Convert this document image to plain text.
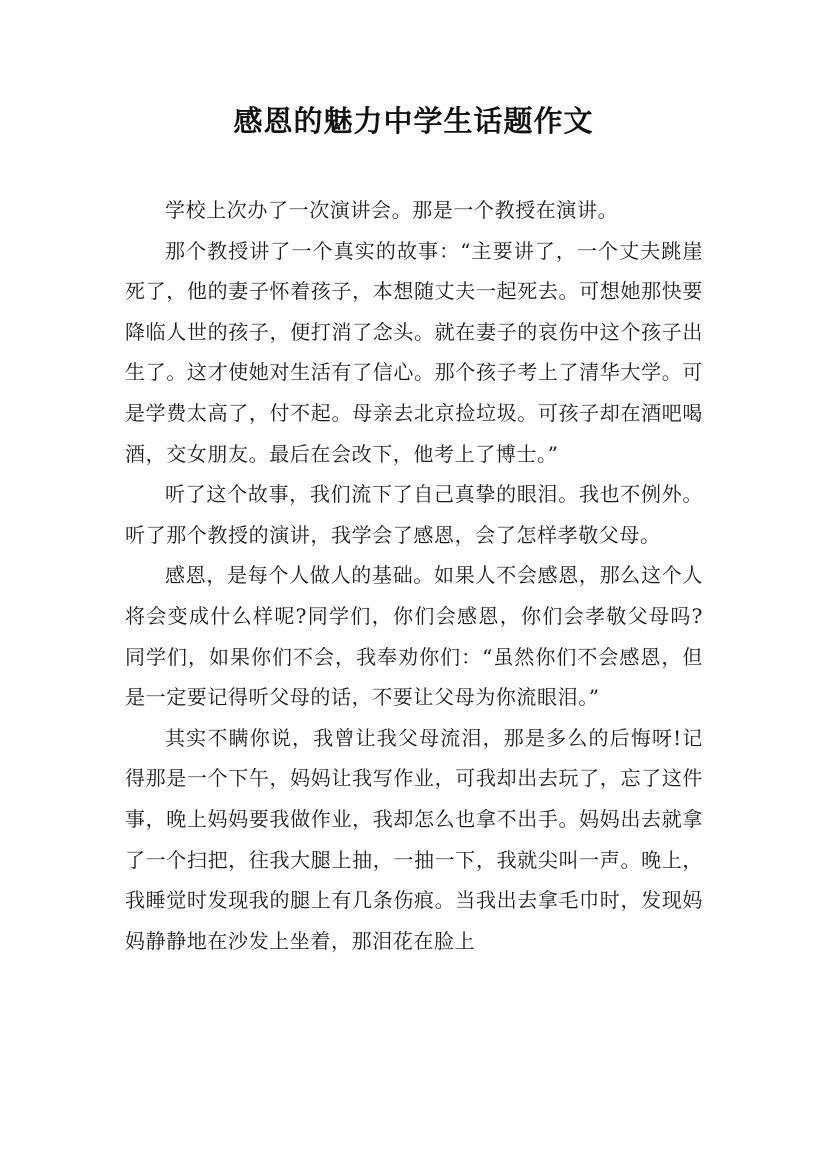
感恩的魅力中学生话题作文

学校上次办了一次演讲会。那是一个教授在演讲。

那个教授讲了一个真实的故事：“主要讲了，一个丈夫跳崖死了，他的妻子怀着孩子，本想随丈夫一起死去。可想她那快要降临人世的孩子，便打消了念头。就在妻子的哀伤中这个孩子出生了。这才使她对生活有了信心。那个孩子考上了清华大学。可是学费太高了，付不起。母亲去北京捡垃圾。可孩子却在酒吧喝酒，交女朋友。最后在会改下，他考上了博士。”

听了这个故事，我们流下了自己真挚的眼泪。我也不例外。听了那个教授的演讲，我学会了感恩，会了怎样孝敬父母。

感恩，是每个人做人的基础。如果人不会感恩，那么这个人将会变成什么样呢?同学们，你们会感恩，你们会孝敬父母吗?同学们，如果你们不会，我奉劝你们：“虽然你们不会感恩，但是一定要记得听父母的话，不要让父母为你流眼泪。”

其实不瞒你说，我曾让我父母流泪，那是多么的后悔呀!记得那是一个下午，妈妈让我写作业，可我却出去玩了，忘了这件事，晚上妈妈要我做作业，我却怎么也拿不出手。妈妈出去就拿了一个扫把，往我大腿上抽，一抽一下，我就尖叫一声。晚上，我睡觉时发现我的腿上有几条伤痕。当我出去拿毛巾时，发现妈妈静静地在沙发上坐着，那泪花在脸上
